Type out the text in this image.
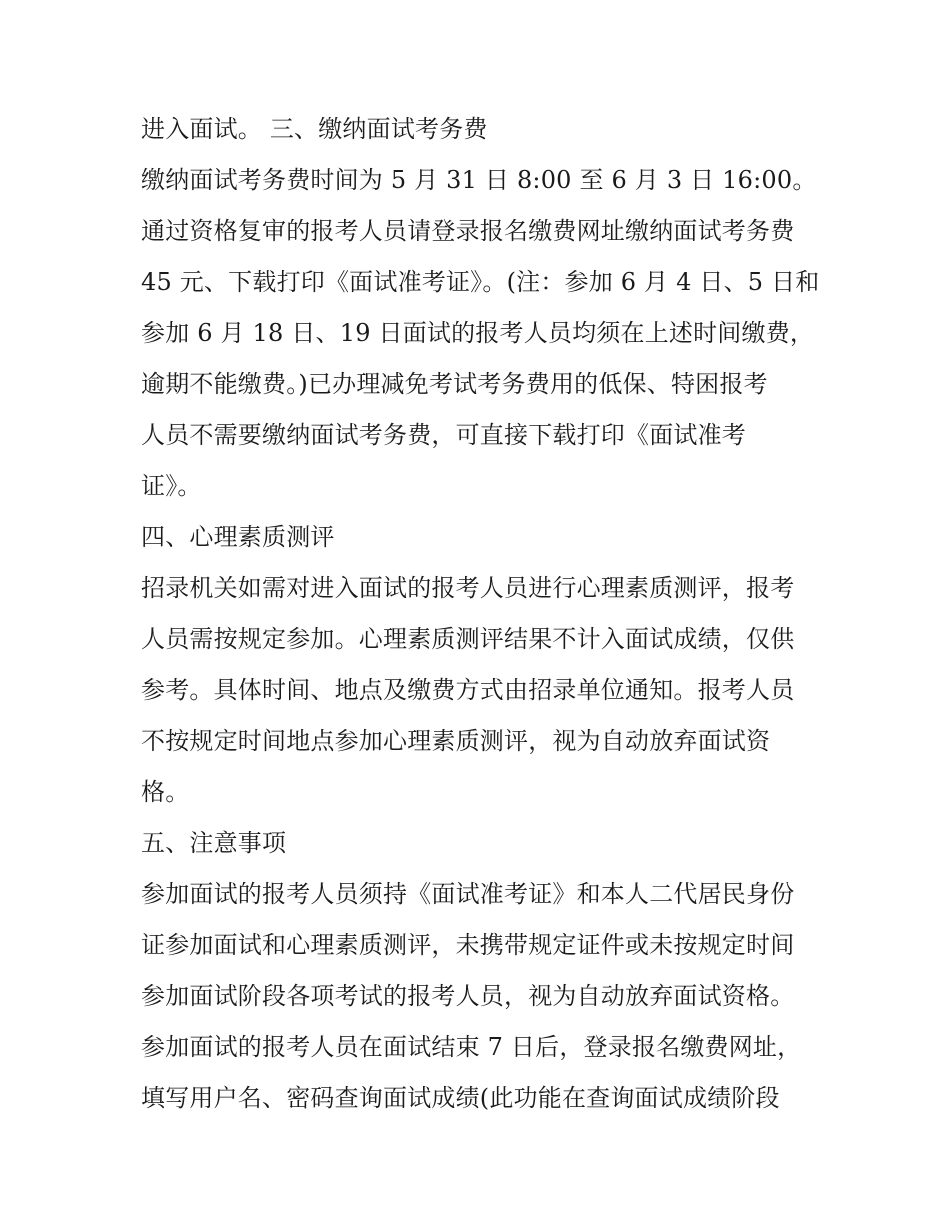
进入面试。 三、缴纳面试考务费
缴纳面试考务费时间为 5 月 31 日 8:00 至 6 月 3 日 16:00。
通过资格复审的报考人员请登录报名缴费网址缴纳面试考务费
45 元、下载打印《面试准考证》。(注：参加 6 月 4 日、5 日和
参加 6 月 18 日、19 日面试的报考人员均须在上述时间缴费，
逾期不能缴费。)已办理减免考试考务费用的低保、特困报考
人员不需要缴纳面试考务费，可直接下载打印《面试准考
证》。
四、心理素质测评
招录机关如需对进入面试的报考人员进行心理素质测评，报考
人员需按规定参加。心理素质测评结果不计入面试成绩，仅供
参考。具体时间、地点及缴费方式由招录单位通知。报考人员
不按规定时间地点参加心理素质测评，视为自动放弃面试资
格。
五、注意事项
参加面试的报考人员须持《面试准考证》和本人二代居民身份
证参加面试和心理素质测评，未携带规定证件或未按规定时间
参加面试阶段各项考试的报考人员，视为自动放弃面试资格。
参加面试的报考人员在面试结束 7 日后，登录报名缴费网址，
填写用户名、密码查询面试成绩(此功能在查询面试成绩阶段
